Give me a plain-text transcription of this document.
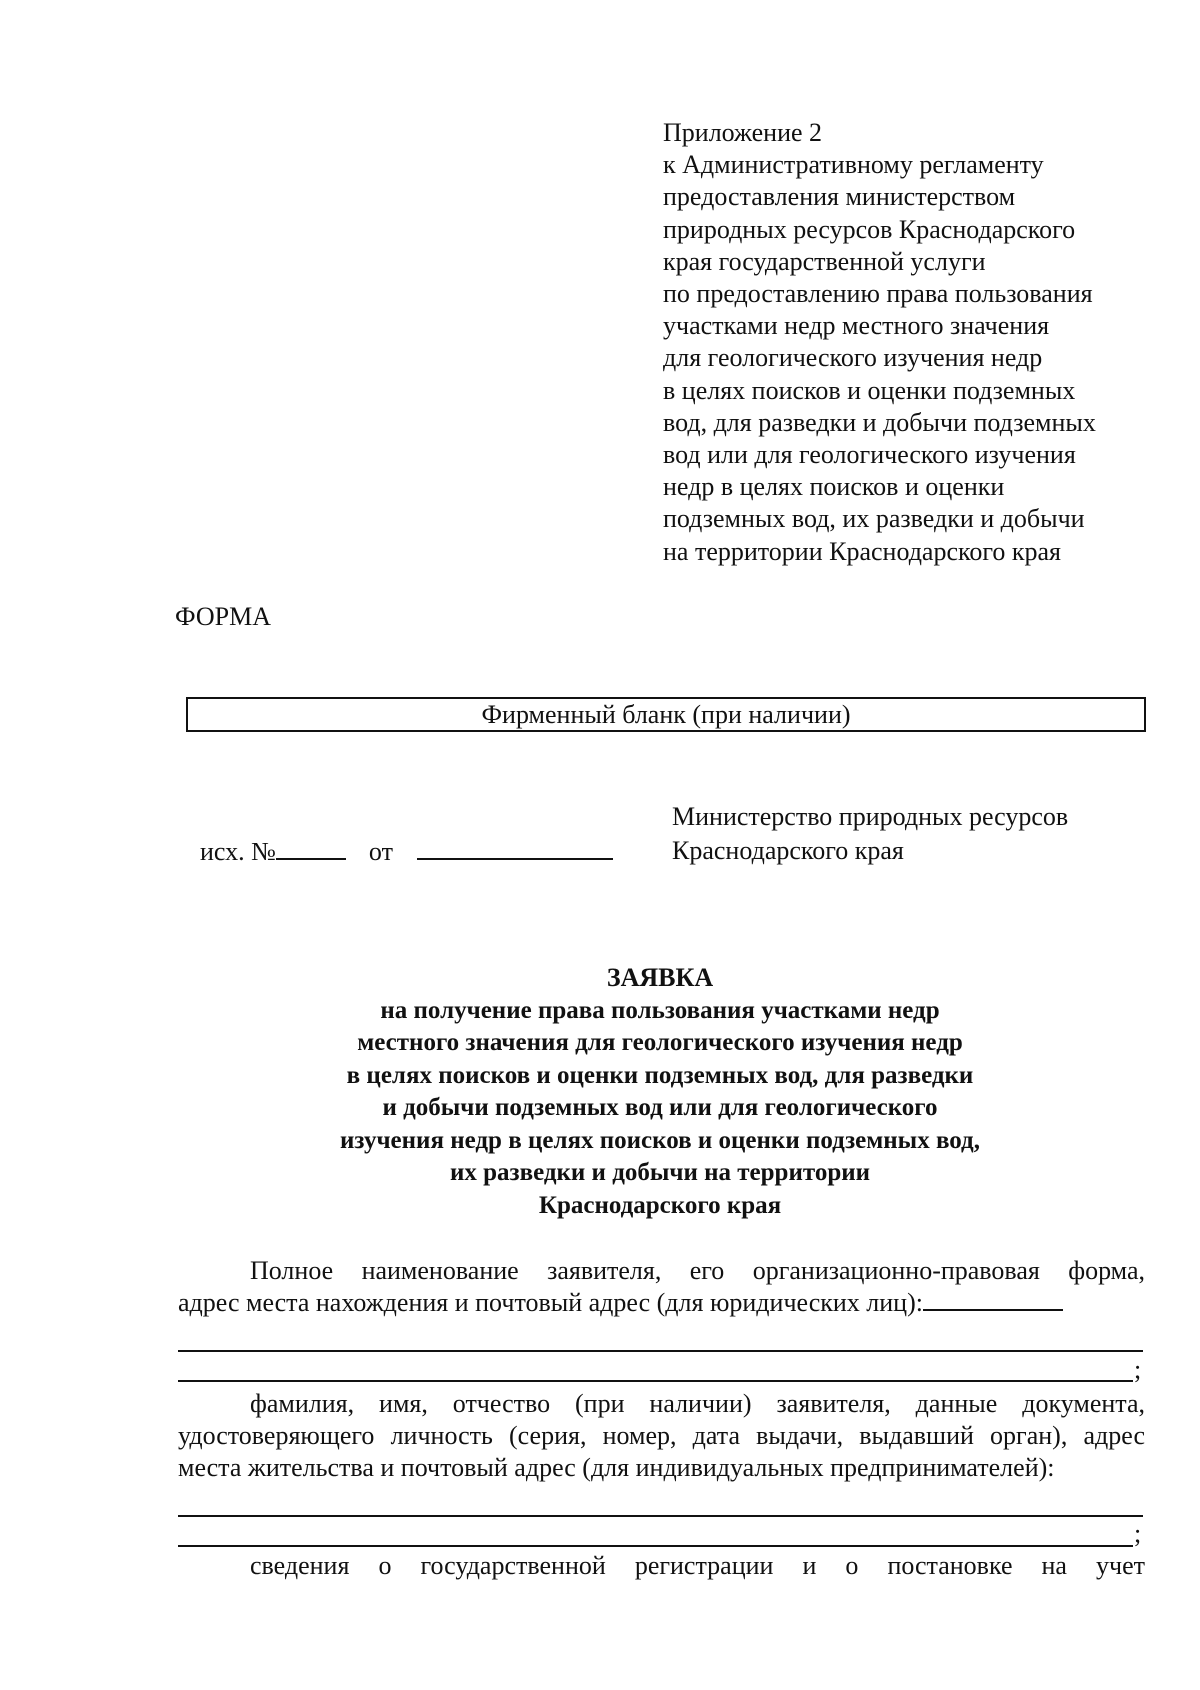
Приложение 2
к Административному регламенту
предоставления министерством
природных ресурсов Краснодарского
края государственной услуги
по предоставлению права пользования
участками недр местного значения
для геологического изучения недр
в целях поисков и оценки подземных
вод, для разведки и добычи подземных
вод или для геологического изучения
недр в целях поисков и оценки
подземных вод, их разведки и добычи
на территории Краснодарского края
ФОРМА
Фирменный бланк (при наличии)
исх. №	от
Министерство природных ресурсов
Краснодарского края
ЗАЯВКА
на получение права пользования участками недр
местного значения для геологического изучения недр
в целях поисков и оценки подземных вод, для разведки
и добычи подземных вод или для геологического
изучения недр в целях поисков и оценки подземных вод,
их разведки и добычи на территории
Краснодарского края
Полное наименование заявителя, его организационно-правовая форма,
адрес места нахождения и почтовый адрес (для юридических лиц):
;
фамилия, имя, отчество (при наличии) заявителя, данные документа,
удостоверяющего личность (серия, номер, дата выдачи, выдавший орган), адрес
места жительства и почтовый адрес (для индивидуальных предпринимателей):
;
сведения о государственной регистрации и о постановке на учет
